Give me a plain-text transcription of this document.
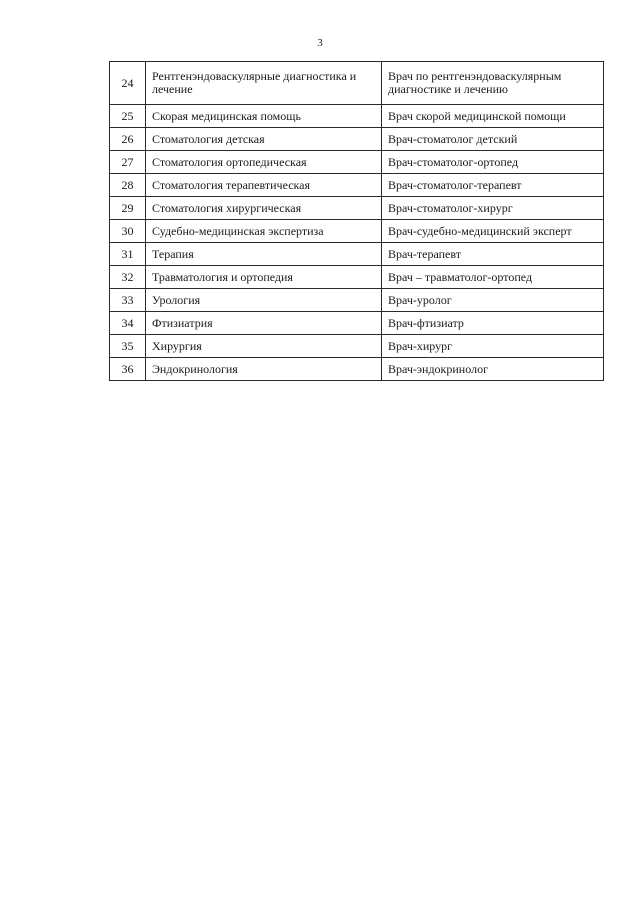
3
24	Рентгенэндоваскулярные диагностика и лечение	Врач по рентгенэндоваскулярным диагностике и лечению
25	Скорая медицинская помощь	Врач скорой медицинской помощи
26	Стоматология детская	Врач-стоматолог детский
27	Стоматология ортопедическая	Врач-стоматолог-ортопед
28	Стоматология терапевтическая	Врач-стоматолог-терапевт
29	Стоматология хирургическая	Врач-стоматолог-хирург
30	Судебно-медицинская экспертиза	Врач-судебно-медицинский эксперт
31	Терапия	Врач-терапевт
32	Травматология и ортопедия	Врач – травматолог-ортопед
33	Урология	Врач-уролог
34	Фтизиатрия	Врач-фтизиатр
35	Хирургия	Врач-хирург
36	Эндокринология	Врач-эндокринолог
